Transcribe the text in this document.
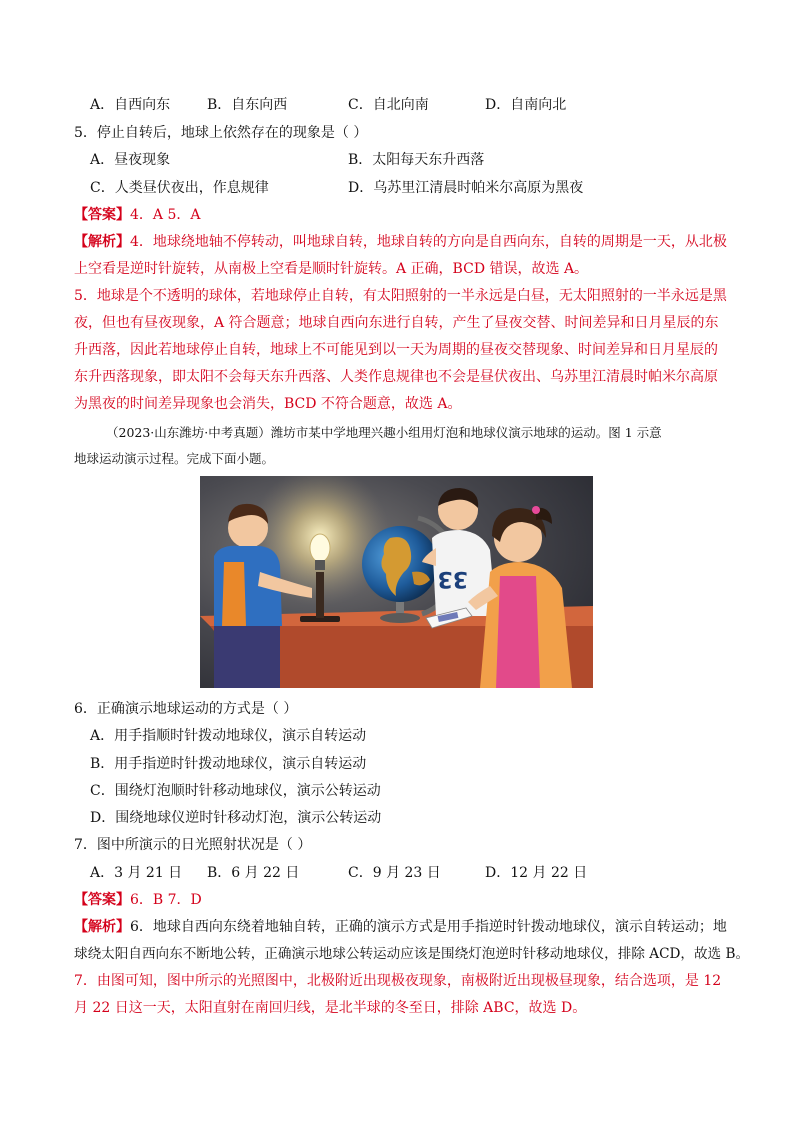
A．自西向东	B．自东向西	C．自北向南	D．自南向北
5．停止自转后，地球上依然存在的现象是（ ）
A．昼夜现象	B．太阳每天东升西落
C．人类昼伏夜出，作息规律	D．乌苏里江清晨时帕米尔高原为黑夜
【答案】4．A 5．A
【解析】4．地球绕地轴不停转动，叫地球自转，地球自转的方向是自西向东，自转的周期是一天，从北极
上空看是逆时针旋转，从南极上空看是顺时针旋转。A 正确，BCD 错误，故选 A。
5．地球是个不透明的球体，若地球停止自转，有太阳照射的一半永远是白昼，无太阳照射的一半永远是黑
夜，但也有昼夜现象，A 符合题意；地球自西向东进行自转，产生了昼夜交替、时间差异和日月星辰的东
升西落，因此若地球停止自转，地球上不可能见到以一天为周期的昼夜交替现象、时间差异和日月星辰的
东升西落现象，即太阳不会每天东升西落、人类作息规律也不会是昼伏夜出、乌苏里江清晨时帕米尔高原
为黑夜的时间差异现象也会消失，BCD 不符合题意，故选 A。
（2023·山东潍坊·中考真题）潍坊市某中学地理兴趣小组用灯泡和地球仪演示地球的运动。图 1 示意
地球运动演示过程。完成下面小题。
33
6．正确演示地球运动的方式是（ ）
A．用手指顺时针拨动地球仪，演示自转运动
B．用手指逆时针拨动地球仪，演示自转运动
C．围绕灯泡顺时针移动地球仪，演示公转运动
D．围绕地球仪逆时针移动灯泡，演示公转运动
7．图中所演示的日光照射状况是（ ）
A．3 月 21 日 B．6 月 22 日	C．9 月 23 日	D．12 月 22 日
【答案】6．B 7．D
【解析】6．地球自西向东绕着地轴自转，正确的演示方式是用手指逆时针拨动地球仪，演示自转运动；地
球绕太阳自西向东不断地公转，正确演示地球公转运动应该是围绕灯泡逆时针移动地球仪，排除 ACD，故选 B。
7．由图可知，图中所示的光照图中，北极附近出现极夜现象，南极附近出现极昼现象，结合选项，是 12
月 22 日这一天，太阳直射在南回归线，是北半球的冬至日，排除 ABC，故选 D。
